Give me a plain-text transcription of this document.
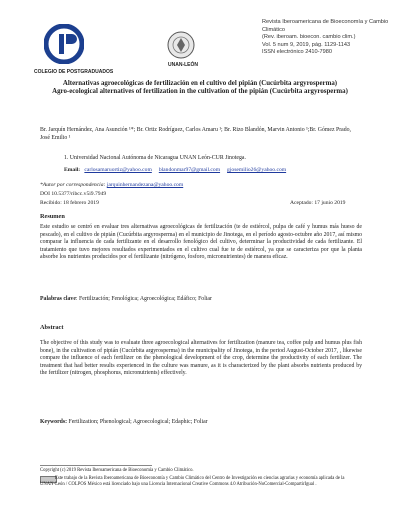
COLEGIO DE POSTGRADUADOS
UNAN-LEÓN
Revista Iberoamericana de Bioeconomía y Cambio Climático
(Rev. iberoam. bioecon. cambio clim.)
Vol. 5 num 9, 2019, pág. 1129-1143
ISSN electrónico 2410-7980
Alternativas agroecológicas de fertilización en el cultivo del pipián (Cucúrbita argyrosperma)
Agro-ecological alternatives of fertilization in the cultivation of the pipián (Cucúrbita argyrosperma)
Br. Jarquín Hernández, Ana Asunción ¹*; Br. Ortiz Rodríguez, Carlos Amaru ¹; Br. Rizo Blandón, Marvin Antonio ¹;Br. Gómez Prado, José Emilio ¹
1. Universidad Nacional Autónoma de Nicaragua UNAN León-CUR Jinotega.
Email: carlosamaruortiz@yahoo.com blandonmar97@gmail.com gjosemilio26@yahoo.com
*Autor por correspondencia: jarquinhernandezana@yahoo.com
DOI 10.5377/ribcc.v5i9.7949
Recibido: 18 febrero 2019	Aceptado: 17 junio 2019
Resumen
Este estudio se centró en evaluar tres alternativas agroecológicas de fertilización (te de estiércol, pulpa de café y humus más hueso de pescado), en el cultivo de pipián (Cucúrbita argyrosperma) en el municipio de Jinotega, en el período agosto-octubre año 2017, así mismo comparar la influencia de cada fertilizante en el desarrollo fenológico del cultivo, determinar la productividad de cada fertilizante. El tratamiento que tuvo mejores resultados experimentados en el cultivo cual fue te de estiércol, ya que se caracteriza por que la planta absorbe los nutrientes producidos por el fertilizante (nitrógeno, fosforo, micronutrientes) de manera eficaz.
Palabras clave: Fertilización; Fenológica; Agroecológica; Edáfico; Foliar
Abstract
The objective of this study was to evaluate three agroecological alternatives for fertilization (manure tea, coffee pulp and humus plus fish bone), in the cultivation of pipián (Cucúrbita argyrosperma) in the municipality of Jinotega, in the period August-October 2017, , likewise compare the influence of each fertilizer on the phenological development of the crop, determine the productivity of each fertilizer. The treatment that had better results experienced in the culture was manure, as it is characterized by the plant absorbs nutrients produced by the fertilizer (nitrogen, phosphorus, micronutrients) effectively.
Keywords: Fertilization; Phenological; Agroecological; Edaphic; Foliar
Copyright (c) 2019 Revista Iberoamericana de Bioeconomía y Cambio Climático.
Este trabajo de la Revista Iberoamericana de Bioeconomía y Cambio Climático del Centro de Investigación en ciencias agrarias y economía aplicada de la UNAN-León / COLPOS México está licenciado bajo una Licencia Internacional Creative Commons 4.0 Atribución-NoComercial-CompartirIgual .
